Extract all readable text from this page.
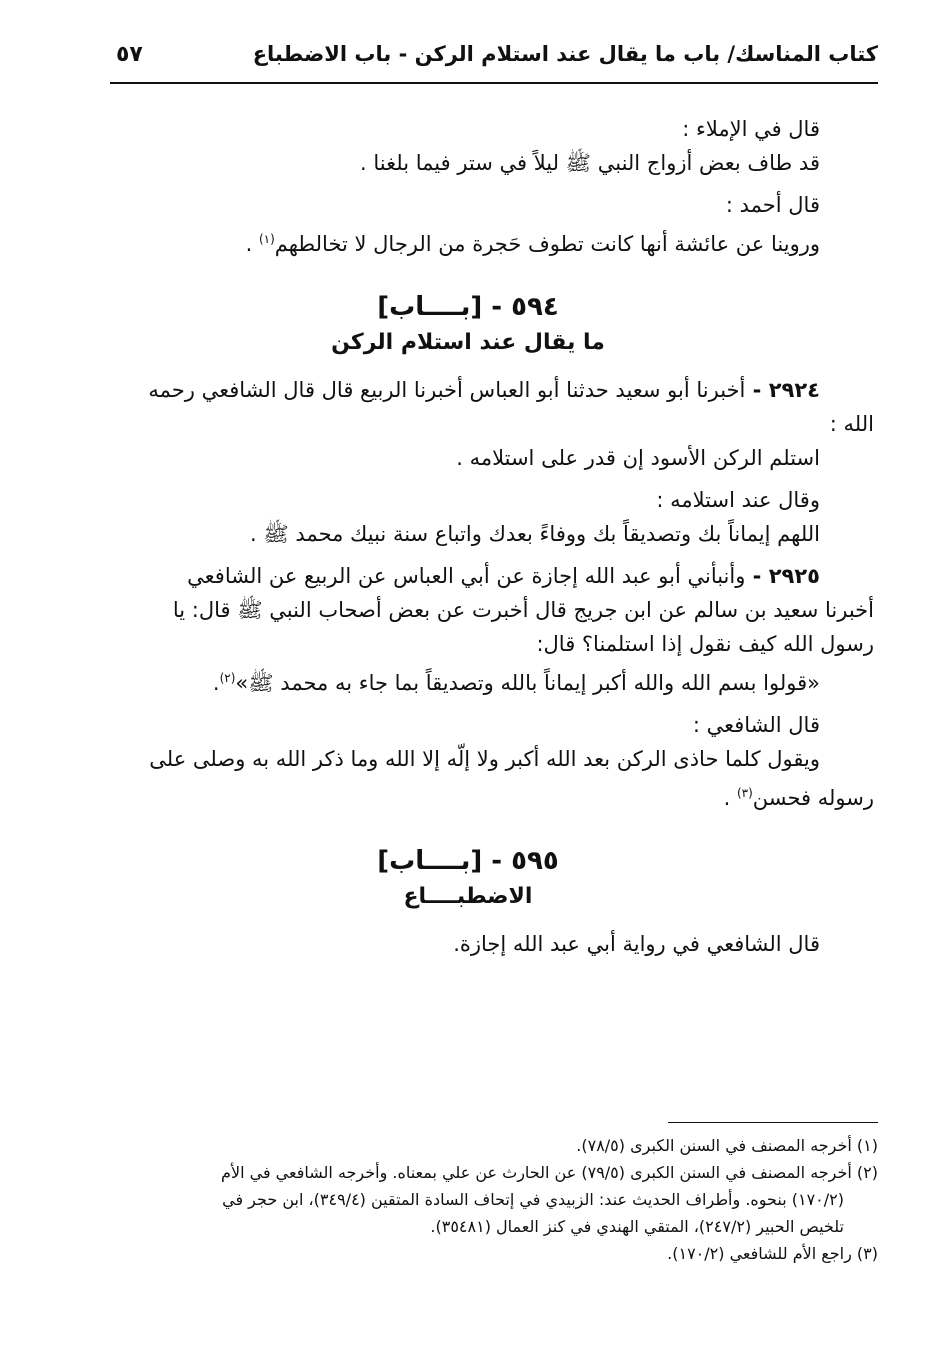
كتاب المناسك/ باب ما يقال عند استلام الركن - باب الاضطباع
٥٧

قال في الإملاء :

قد طاف بعض أزواج النبي ﷺ ليلاً في ستر فيما بلغنا .

قال أحمد :

وروينا عن عائشة أنها كانت تطوف حَجرة من الرجال لا تخالطهم$^{(١)}$ .

٥٩٤ - [بــــاب]

ما يقال عند استلام الركن

٢٩٢٤ - أخبرنا أبو سعيد حدثنا أبو العباس أخبرنا الربيع قال قال الشافعي رحمه

الله :

استلم الركن الأسود إن قدر على استلامه .

وقال عند استلامه :

اللهم إيماناً بك وتصديقاً بك ووفاءً بعدك واتباع سنة نبيك محمد ﷺ .

٢٩٢٥ - وأنبأني أبو عبد الله إجازة عن أبي العباس عن الربيع عن الشافعي

أخبرنا سعيد بن سالم عن ابن جريج قال أخبرت عن بعض أصحاب النبي ﷺ قال: يا

رسول الله كيف نقول إذا استلمنا؟ قال:

«قولوا بسم الله والله أكبر إيماناً بالله وتصديقاً بما جاء به محمد ﷺ»$^{(٢)}$.

قال الشافعي :

ويقول كلما حاذى الركن بعد الله أكبر ولا إلّه إلا الله وما ذكر الله به وصلى على

رسوله فحسن$^{(٣)}$ .

٥٩٥ - [بــــاب]

الاضطبــــاع

قال الشافعي في رواية أبي عبد الله إجازة.

(١) أخرجه المصنف في السنن الكبرى (٧٨/٥).

(٢) أخرجه المصنف في السنن الكبرى (٧٩/٥) عن الحارث عن علي بمعناه. وأخرجه الشافعي في الأم

(١٧٠/٢) بنحوه. وأطراف الحديث عند: الزبيدي في إتحاف السادة المتقين (٣٤٩/٤)، ابن حجر في

تلخيص الحبير (٢٤٧/٢)، المتقي الهندي في كنز العمال (٣٥٤٨١).

(٣) راجع الأم للشافعي (١٧٠/٢).
